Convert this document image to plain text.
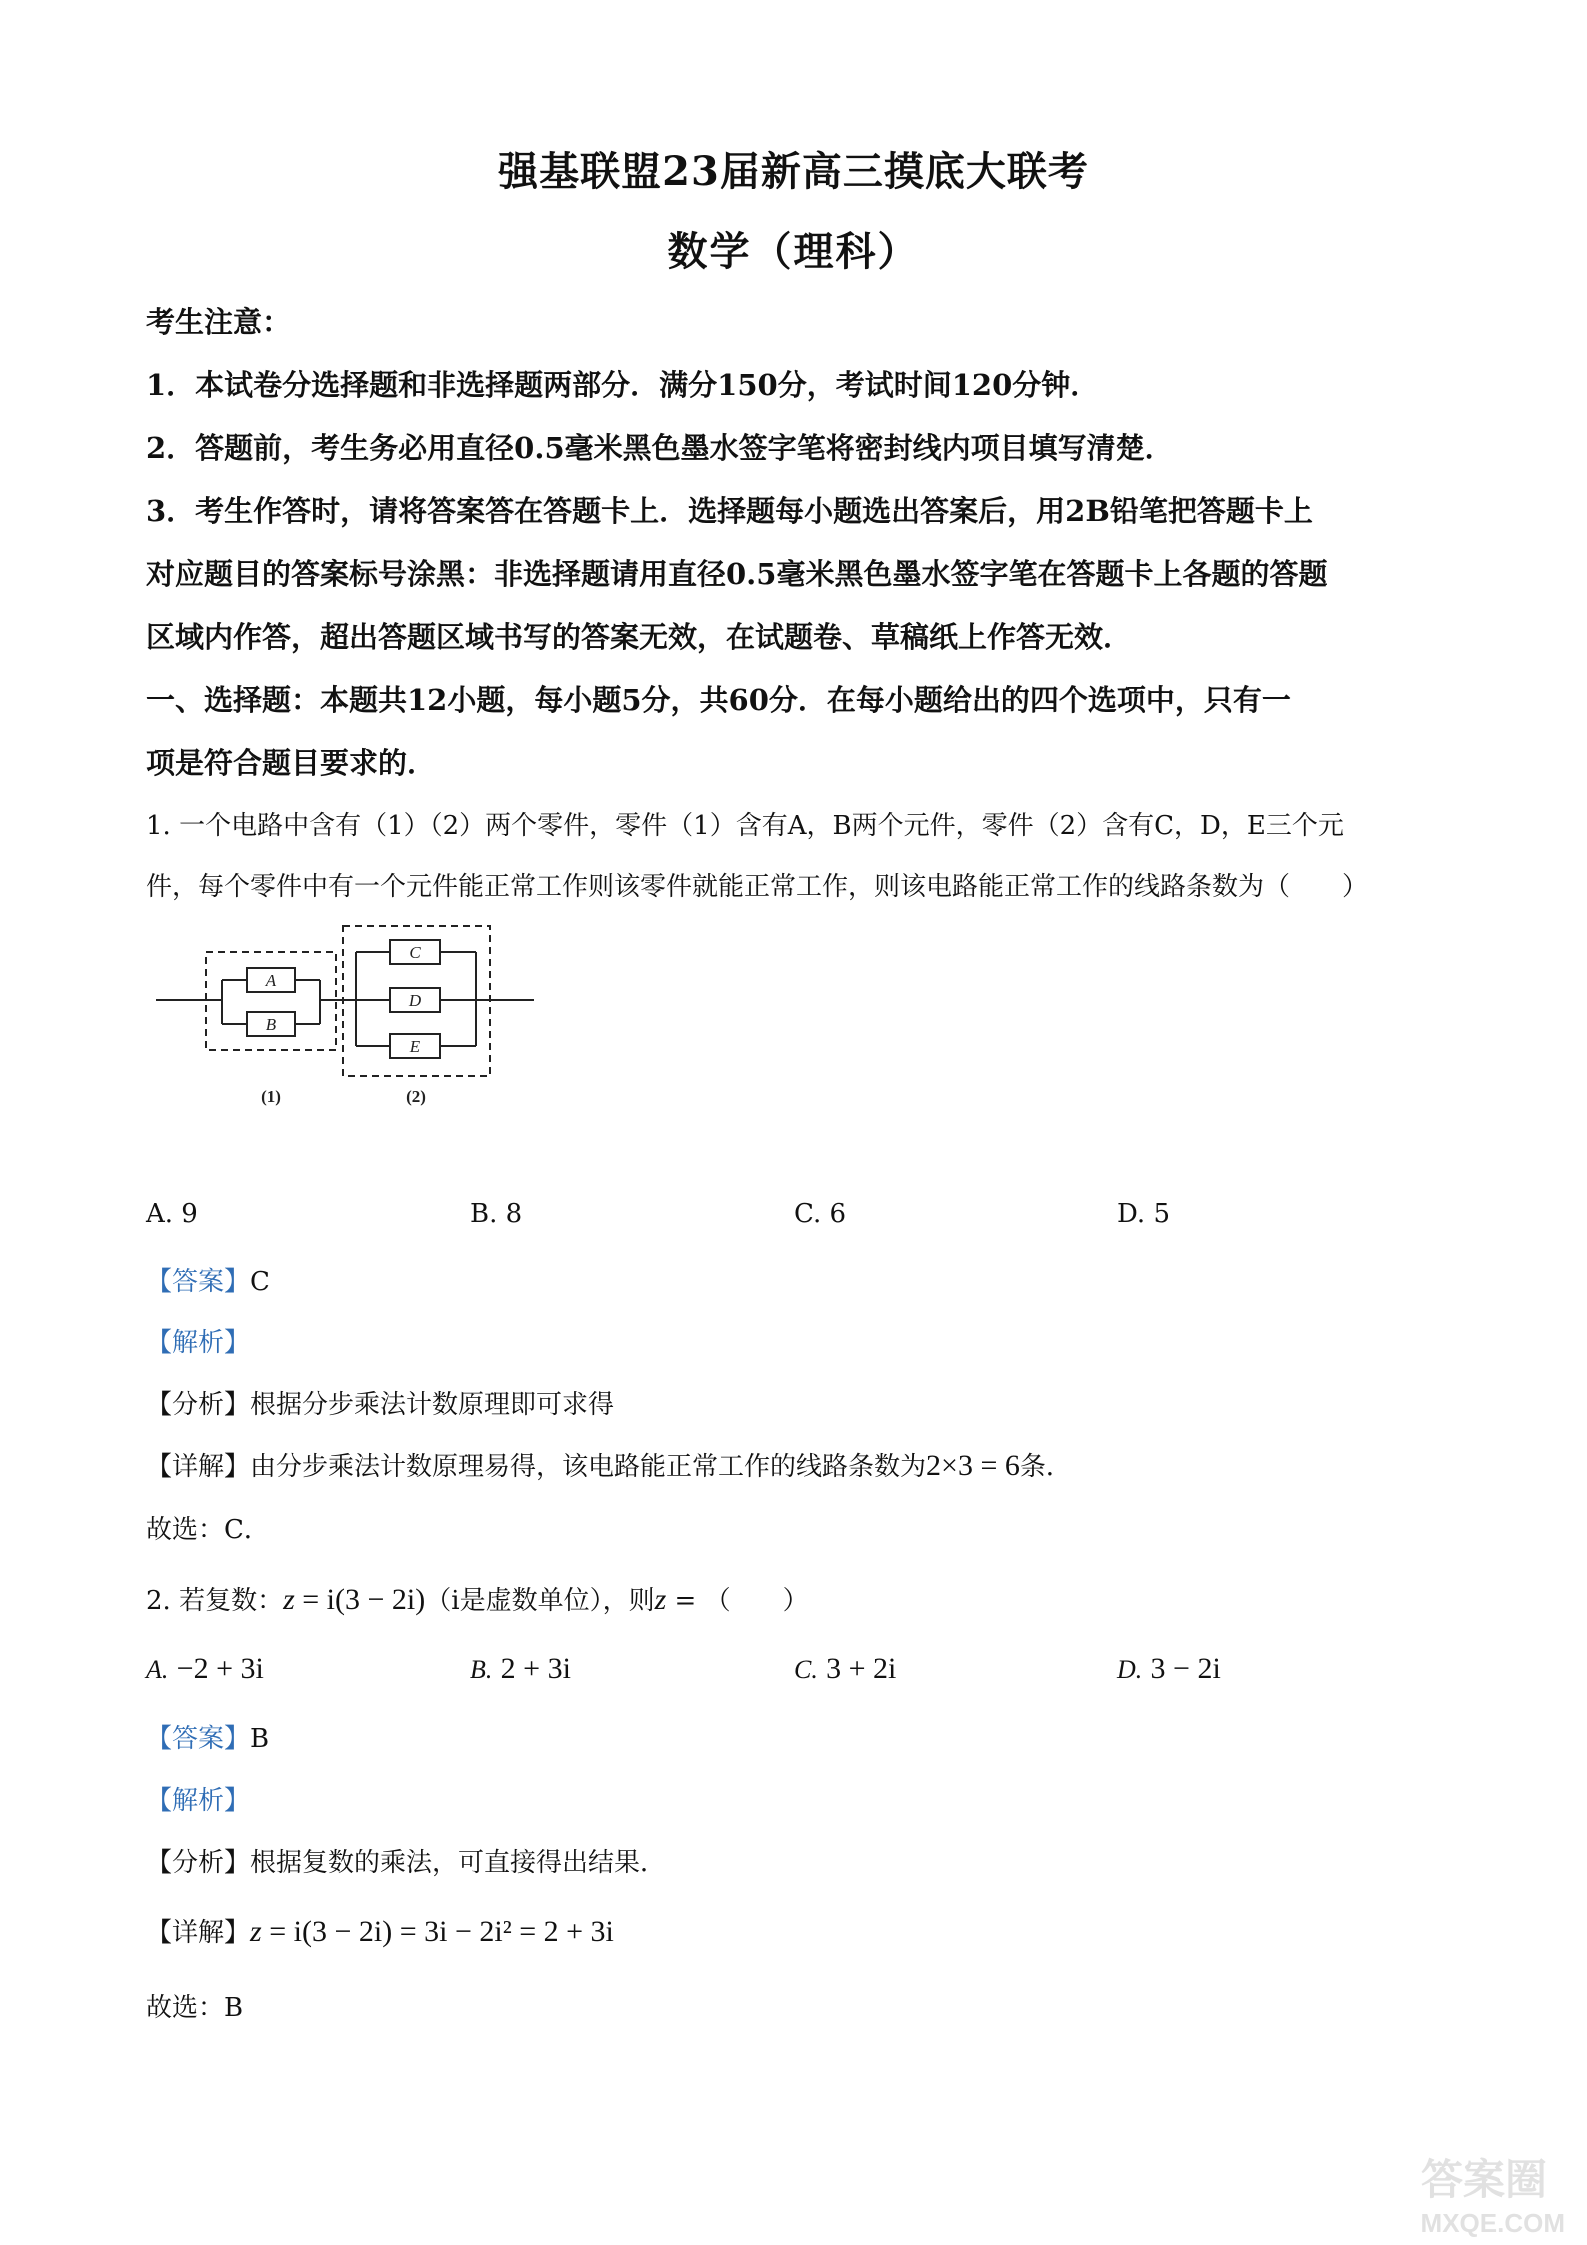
强基联盟23届新高三摸底大联考
数学（理科）
考生注意：
1．本试卷分选择题和非选择题两部分．满分150分，考试时间120分钟．
2．答题前，考生务必用直径0.5毫米黑色墨水签字笔将密封线内项目填写清楚．
3．考生作答时，请将答案答在答题卡上．选择题每小题选出答案后，用2B铅笔把答题卡上
对应题目的答案标号涂黑：非选择题请用直径0.5毫米黑色墨水签字笔在答题卡上各题的答题
区域内作答，超出答题区域书写的答案无效，在试题卷、草稿纸上作答无效．
一、选择题：本题共12小题，每小题5分，共60分．在每小题给出的四个选项中，只有一
项是符合题目要求的．
1. 一个电路中含有（1）（2）两个零件，零件（1）含有A，B两个元件，零件（2）含有C，D，E三个元
件，每个零件中有一个元件能正常工作则该零件就能正常工作，则该电路能正常工作的线路条数为（　　）
A
B
C
D
E
(1)	(2)
A. 9	B. 8	C. 6	D. 5
【答案】C
【解析】
【分析】根据分步乘法计数原理即可求得
【详解】由分步乘法计数原理易得，该电路能正常工作的线路条数为2×3 = 6条．
故选：C．
2. 若复数：z = i(3 − 2i)（i是虚数单位），则z = （　　）
A. −2 + 3i	B. 2 + 3i	C. 3 + 2i	D. 3 − 2i
【答案】B
【解析】
【分析】根据复数的乘法，可直接得出结果．
【详解】z = i(3 − 2i) = 3i − 2i² = 2 + 3i
故选：B
答案圈
MXQE.COM
